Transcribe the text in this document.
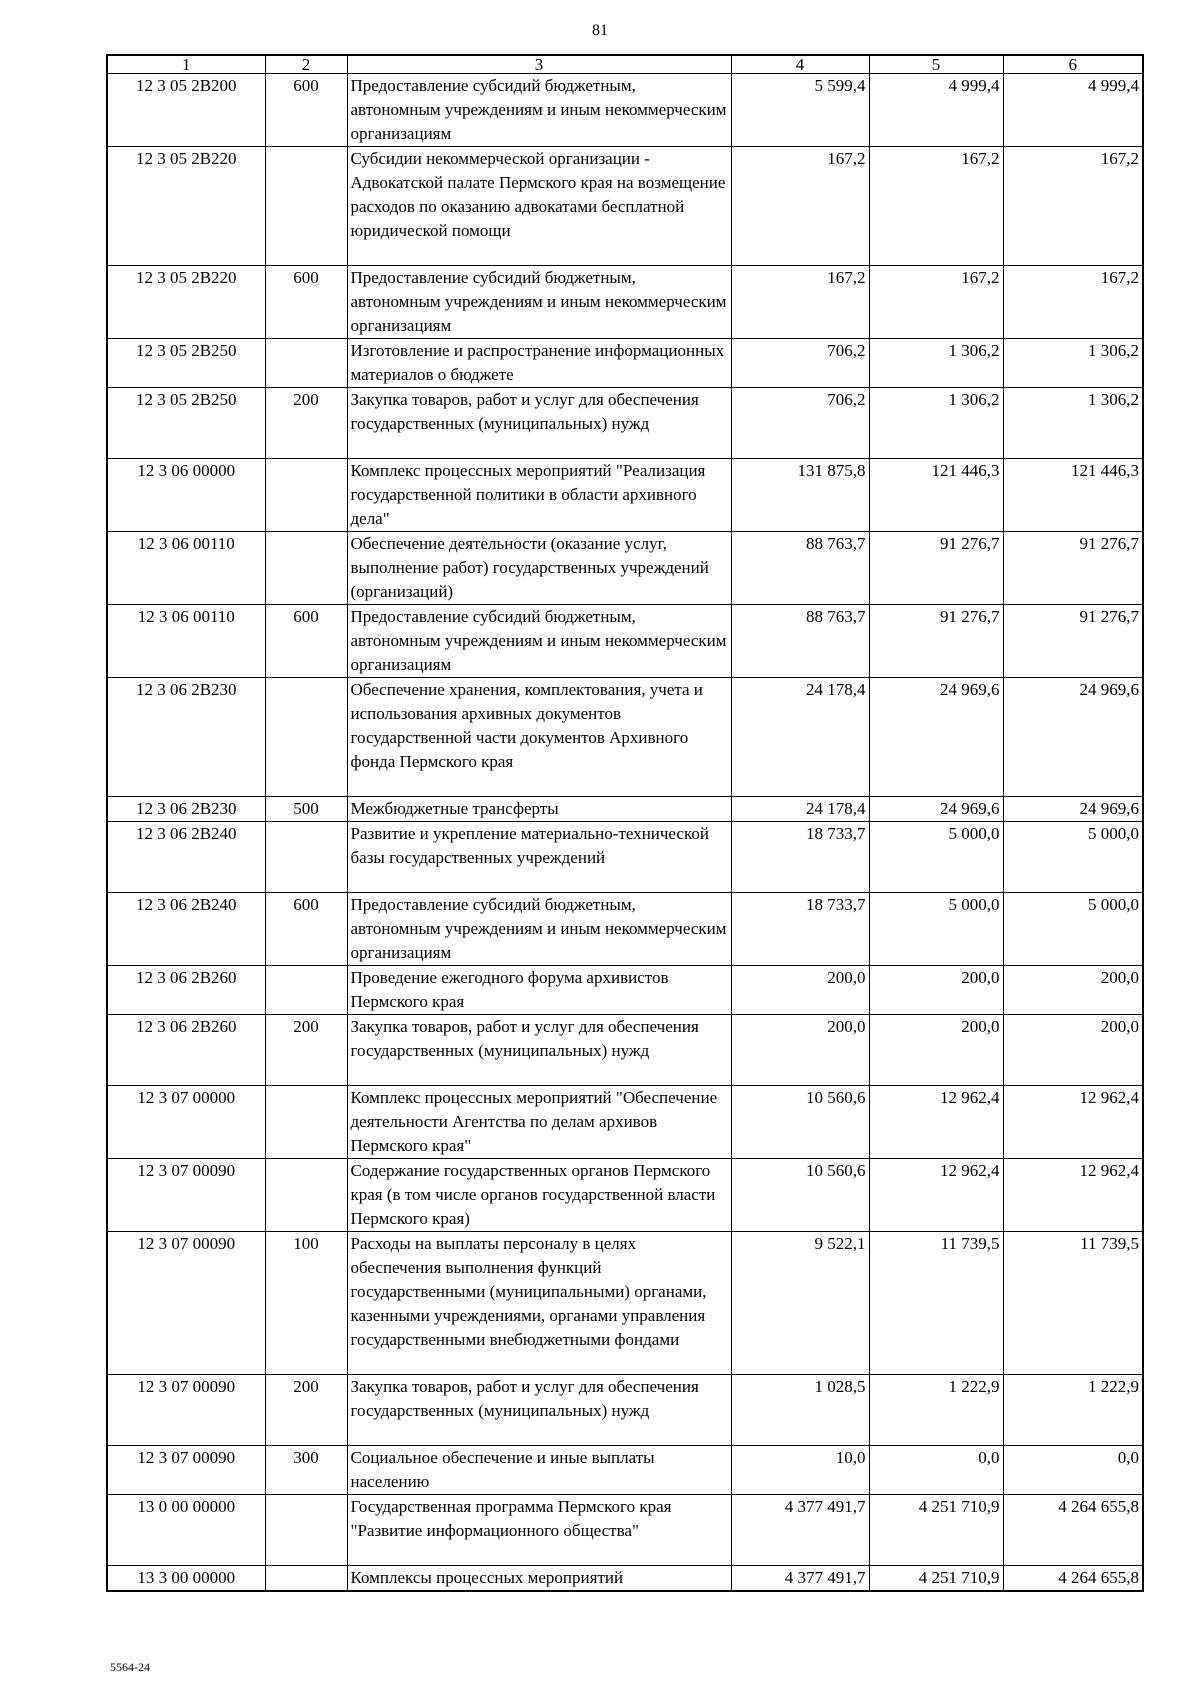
81
1	2	3	4	5	6
12 3 05 2В200	600	Предоставление субсидий бюджетным, автономным учреждениям и иным некоммерческим организациям	5 599,4	4 999,4	4 999,4
12 3 05 2В220		Субсидии некоммерческой организации - Адвокатской палате Пермского края на возмещение расходов по оказанию адвокатами бесплатной юридической помощи	167,2	167,2	167,2
12 3 05 2В220	600	Предоставление субсидий бюджетным, автономным учреждениям и иным некоммерческим организациям	167,2	167,2	167,2
12 3 05 2В250		Изготовление и распространение информационных материалов о бюджете	706,2	1 306,2	1 306,2
12 3 05 2В250	200	Закупка товаров, работ и услуг для обеспечения государственных (муниципальных) нужд	706,2	1 306,2	1 306,2
12 3 06 00000		Комплекс процессных мероприятий "Реализация государственной политики в области архивного дела"	131 875,8	121 446,3	121 446,3
12 3 06 00110		Обеспечение деятельности (оказание услуг, выполнение работ) государственных учреждений (организаций)	88 763,7	91 276,7	91 276,7
12 3 06 00110	600	Предоставление субсидий бюджетным, автономным учреждениям и иным некоммерческим организациям	88 763,7	91 276,7	91 276,7
12 3 06 2В230		Обеспечение хранения, комплектования, учета и использования архивных документов государственной части документов Архивного фонда Пермского края	24 178,4	24 969,6	24 969,6
12 3 06 2В230	500	Межбюджетные трансферты	24 178,4	24 969,6	24 969,6
12 3 06 2В240		Развитие и укрепление материально-технической базы государственных учреждений	18 733,7	5 000,0	5 000,0
12 3 06 2В240	600	Предоставление субсидий бюджетным, автономным учреждениям и иным некоммерческим организациям	18 733,7	5 000,0	5 000,0
12 3 06 2В260		Проведение ежегодного форума архивистов Пермского края	200,0	200,0	200,0
12 3 06 2В260	200	Закупка товаров, работ и услуг для обеспечения государственных (муниципальных) нужд	200,0	200,0	200,0
12 3 07 00000		Комплекс процессных мероприятий "Обеспечение деятельности Агентства по делам архивов Пермского края"	10 560,6	12 962,4	12 962,4
12 3 07 00090		Содержание государственных органов Пермского края (в том числе органов государственной власти Пермского края)	10 560,6	12 962,4	12 962,4
12 3 07 00090	100	Расходы на выплаты персоналу в целях обеспечения выполнения функций государственными (муниципальными) органами, казенными учреждениями, органами управления государственными внебюджетными фондами	9 522,1	11 739,5	11 739,5
12 3 07 00090	200	Закупка товаров, работ и услуг для обеспечения государственных (муниципальных) нужд	1 028,5	1 222,9	1 222,9
12 3 07 00090	300	Социальное обеспечение и иные выплаты населению	10,0	0,0	0,0
13 0 00 00000		Государственная программа Пермского края "Развитие информационного общества"	4 377 491,7	4 251 710,9	4 264 655,8
13 3 00 00000		Комплексы процессных мероприятий	4 377 491,7	4 251 710,9	4 264 655,8
5564-24
